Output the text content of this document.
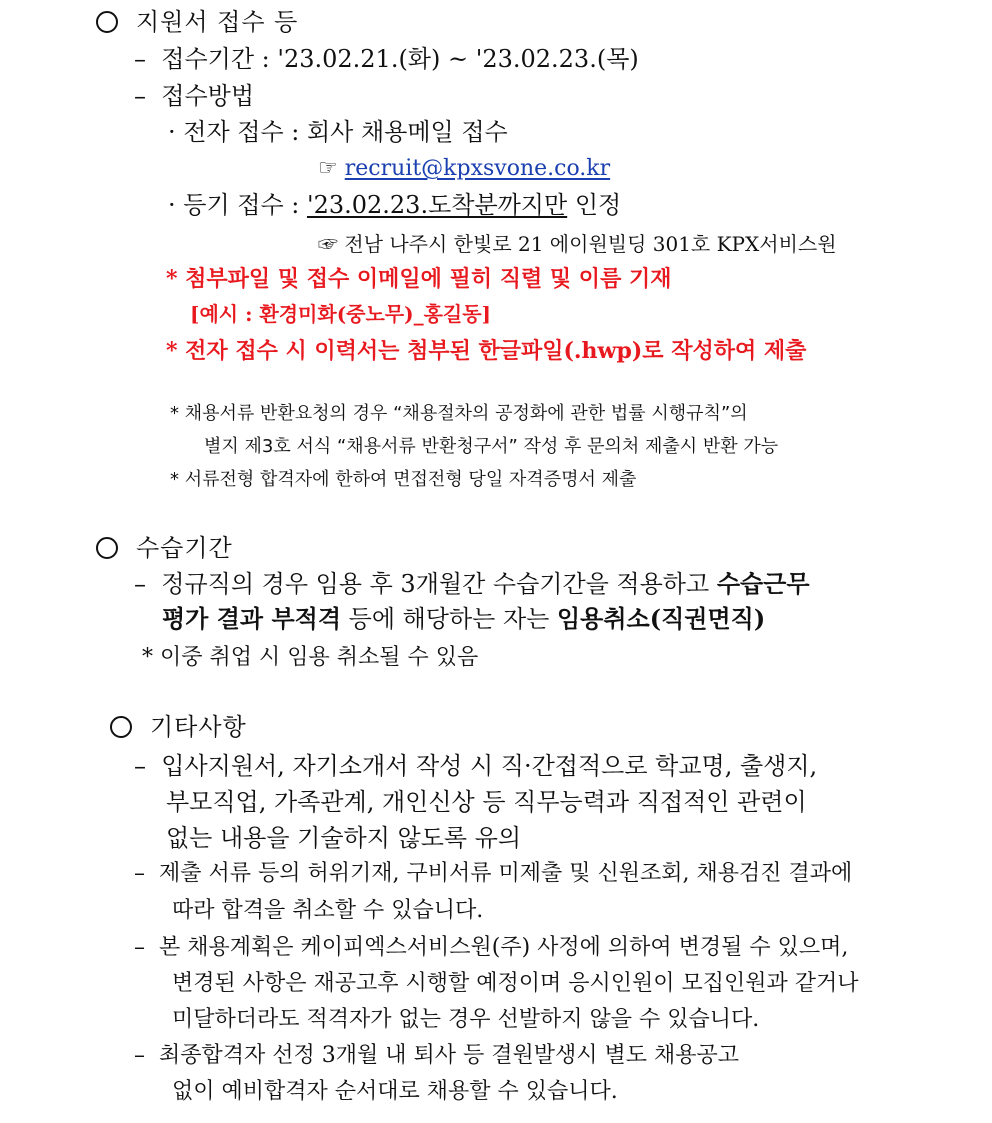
지원서 접수 등
– 접수기간 : '23.02.21.(화) ~ '23.02.23.(목)
– 접수방법
· 전자 접수 : 회사 채용메일 접수
☞ recruit@kpxsvone.co.kr
· 등기 접수 : '23.02.23.도착분까지만 인정
☞ 전남 나주시 한빛로 21 에이원빌딩 301호 KPX서비스원
* 첨부파일 및 접수 이메일에 필히 직렬 및 이름 기재
[예시 : 환경미화(중노무)_홍길동]
* 전자 접수 시 이력서는 첨부된 한글파일(.hwp)로 작성하여 제출
* 채용서류 반환요청의 경우 “채용절차의 공정화에 관한 법률 시행규칙”의
별지 제3호 서식 “채용서류 반환청구서” 작성 후 문의처 제출시 반환 가능
* 서류전형 합격자에 한하여 면접전형 당일 자격증명서 제출
수습기간
– 정규직의 경우 임용 후 3개월간 수습기간을 적용하고 수습근무
평가 결과 부적격 등에 해당하는 자는 임용취소(직권면직)
* 이중 취업 시 임용 취소될 수 있음
기타사항
– 입사지원서, 자기소개서 작성 시 직·간접적으로 학교명, 출생지,
부모직업, 가족관계, 개인신상 등 직무능력과 직접적인 관련이
없는 내용을 기술하지 않도록 유의
– 제출 서류 등의 허위기재, 구비서류 미제출 및 신원조회, 채용검진 결과에
따라 합격을 취소할 수 있습니다.
– 본 채용계획은 케이피엑스서비스원(주) 사정에 의하여 변경될 수 있으며,
변경된 사항은 재공고후 시행할 예정이며 응시인원이 모집인원과 같거나
미달하더라도 적격자가 없는 경우 선발하지 않을 수 있습니다.
– 최종합격자 선정 3개월 내 퇴사 등 결원발생시 별도 채용공고
없이 예비합격자 순서대로 채용할 수 있습니다.
